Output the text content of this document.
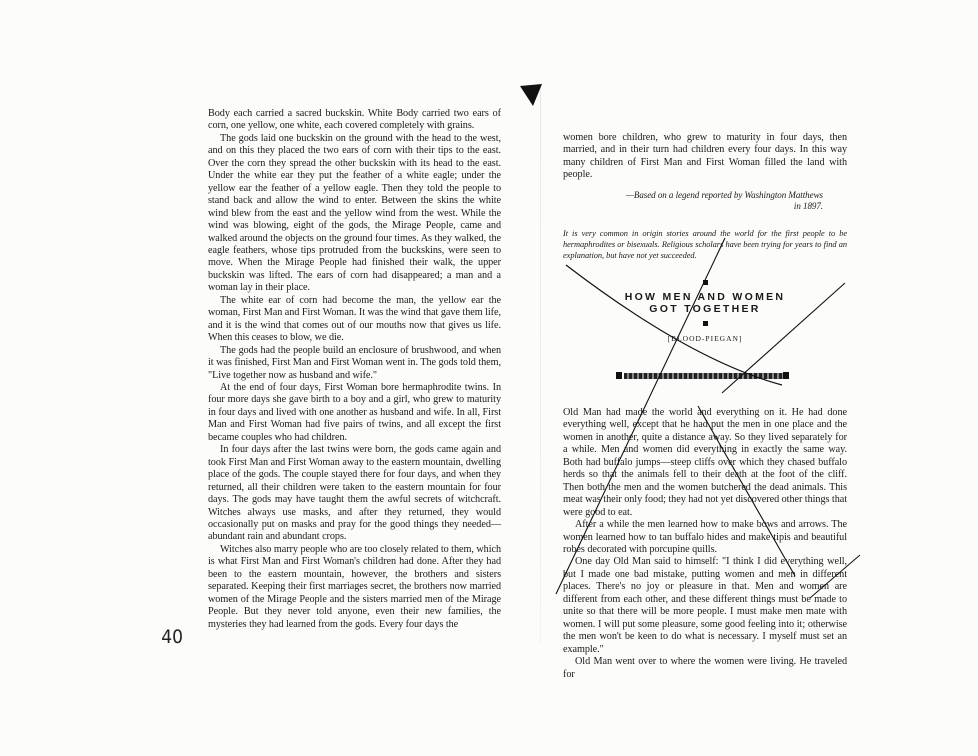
Body each carried a sacred buckskin. White Body carried two ears of corn, one yellow, one white, each covered completely with grains.

The gods laid one buckskin on the ground with the head to the west, and on this they placed the two ears of corn with their tips to the east. Over the corn they spread the other buckskin with its head to the east. Under the white ear they put the feather of a white eagle; under the yellow ear the feather of a yellow eagle. Then they told the people to stand back and allow the wind to enter. Between the skins the white wind blew from the east and the yellow wind from the west. While the wind was blowing, eight of the gods, the Mirage People, came and walked around the objects on the ground four times. As they walked, the eagle feathers, whose tips protruded from the buckskins, were seen to move. When the Mirage People had finished their walk, the upper buckskin was lifted. The ears of corn had disappeared; a man and a woman lay in their place.

The white ear of corn had become the man, the yellow ear the woman, First Man and First Woman. It was the wind that gave them life, and it is the wind that comes out of our mouths now that gives us life. When this ceases to blow, we die.

The gods had the people build an enclosure of brushwood, and when it was finished, First Man and First Woman went in. The gods told them, "Live together now as husband and wife."

At the end of four days, First Woman bore hermaphrodite twins. In four more days she gave birth to a boy and a girl, who grew to maturity in four days and lived with one another as husband and wife. In all, First Man and First Woman had five pairs of twins, and all except the first became couples who had children.

In four days after the last twins were born, the gods came again and took First Man and First Woman away to the eastern mountain, dwelling place of the gods. The couple stayed there for four days, and when they returned, all their children were taken to the eastern mountain for four days. The gods may have taught them the awful secrets of witchcraft. Witches always use masks, and after they returned, they would occasionally put on masks and pray for the good things they needed—abundant rain and abundant crops.

Witches also marry people who are too closely related to them, which is what First Man and First Woman's children had done. After they had been to the eastern mountain, however, the brothers and sisters separated. Keeping their first marriages secret, the brothers now married women of the Mirage People and the sisters married men of the Mirage People. But they never told anyone, even their new families, the mysteries they had learned from the gods. Every four days the

40

women bore children, who grew to maturity in four days, then married, and in their turn had children every four days. In this way many children of First Man and First Woman filled the land with people.

—Based on a legend reported by Washington Matthews
in 1897.
It is very common in origin stories around the world for the first people to be hermaphrodites or bisexuals. Religious scholars have been trying for years to find an explanation, but have not yet succeeded.
HOW MEN AND WOMEN
GOT TOGETHER
[BLOOD-PIEGAN]

Old Man had made the world and everything on it. He had done everything well, except that he had put the men in one place and the women in another, quite a distance away. So they lived separately for a while. Men and women did everything in exactly the same way. Both had buffalo jumps—steep cliffs over which they chased buffalo herds so that the animals fell to their death at the foot of the cliff. Then both the men and the women butchered the dead animals. This meat was their only food; they had not yet discovered other things that were good to eat.

After a while the men learned how to make bows and arrows. The women learned how to tan buffalo hides and make tipis and beautiful robes decorated with porcupine quills.

One day Old Man said to himself: "I think I did everything well, but I made one bad mistake, putting women and men in different places. There's no joy or pleasure in that. Men and women are different from each other, and these different things must be made to unite so that there will be more people. I must make men mate with women. I will put some pleasure, some good feeling into it; otherwise the men won't be keen to do what is necessary. I myself must set an example."

Old Man went over to where the women were living. He traveled for
